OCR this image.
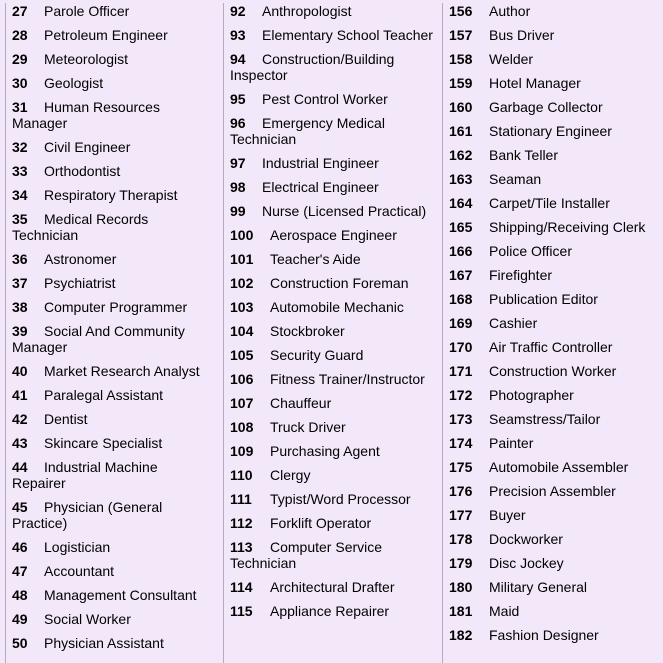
27 Parole Officer
28 Petroleum Engineer
29 Meteorologist
30 Geologist
31 Human Resources Manager
32 Civil Engineer
33 Orthodontist
34 Respiratory Therapist
35 Medical Records Technician
36 Astronomer
37 Psychiatrist
38 Computer Programmer
39 Social And Community Manager
40 Market Research Analyst
41 Paralegal Assistant
42 Dentist
43 Skincare Specialist
44 Industrial Machine Repairer
45 Physician (General Practice)
46 Logistician
47 Accountant
48 Management Consultant
49 Social Worker
50 Physician Assistant
92 Anthropologist
93 Elementary School Teacher
94 Construction/Building Inspector
95 Pest Control Worker
96 Emergency Medical Technician
97 Industrial Engineer
98 Electrical Engineer
99 Nurse (Licensed Practical)
100 Aerospace Engineer
101 Teacher's Aide
102 Construction Foreman
103 Automobile Mechanic
104 Stockbroker
105 Security Guard
106 Fitness Trainer/Instructor
107 Chauffeur
108 Truck Driver
109 Purchasing Agent
110 Clergy
111 Typist/Word Processor
112 Forklift Operator
113 Computer Service Technician
114 Architectural Drafter
115 Appliance Repairer
156 Author
157 Bus Driver
158 Welder
159 Hotel Manager
160 Garbage Collector
161 Stationary Engineer
162 Bank Teller
163 Seaman
164 Carpet/Tile Installer
165 Shipping/Receiving Clerk
166 Police Officer
167 Firefighter
168 Publication Editor
169 Cashier
170 Air Traffic Controller
171 Construction Worker
172 Photographer
173 Seamstress/Tailor
174 Painter
175 Automobile Assembler
176 Precision Assembler
177 Buyer
178 Dockworker
179 Disc Jockey
180 Military General
181 Maid
182 Fashion Designer
